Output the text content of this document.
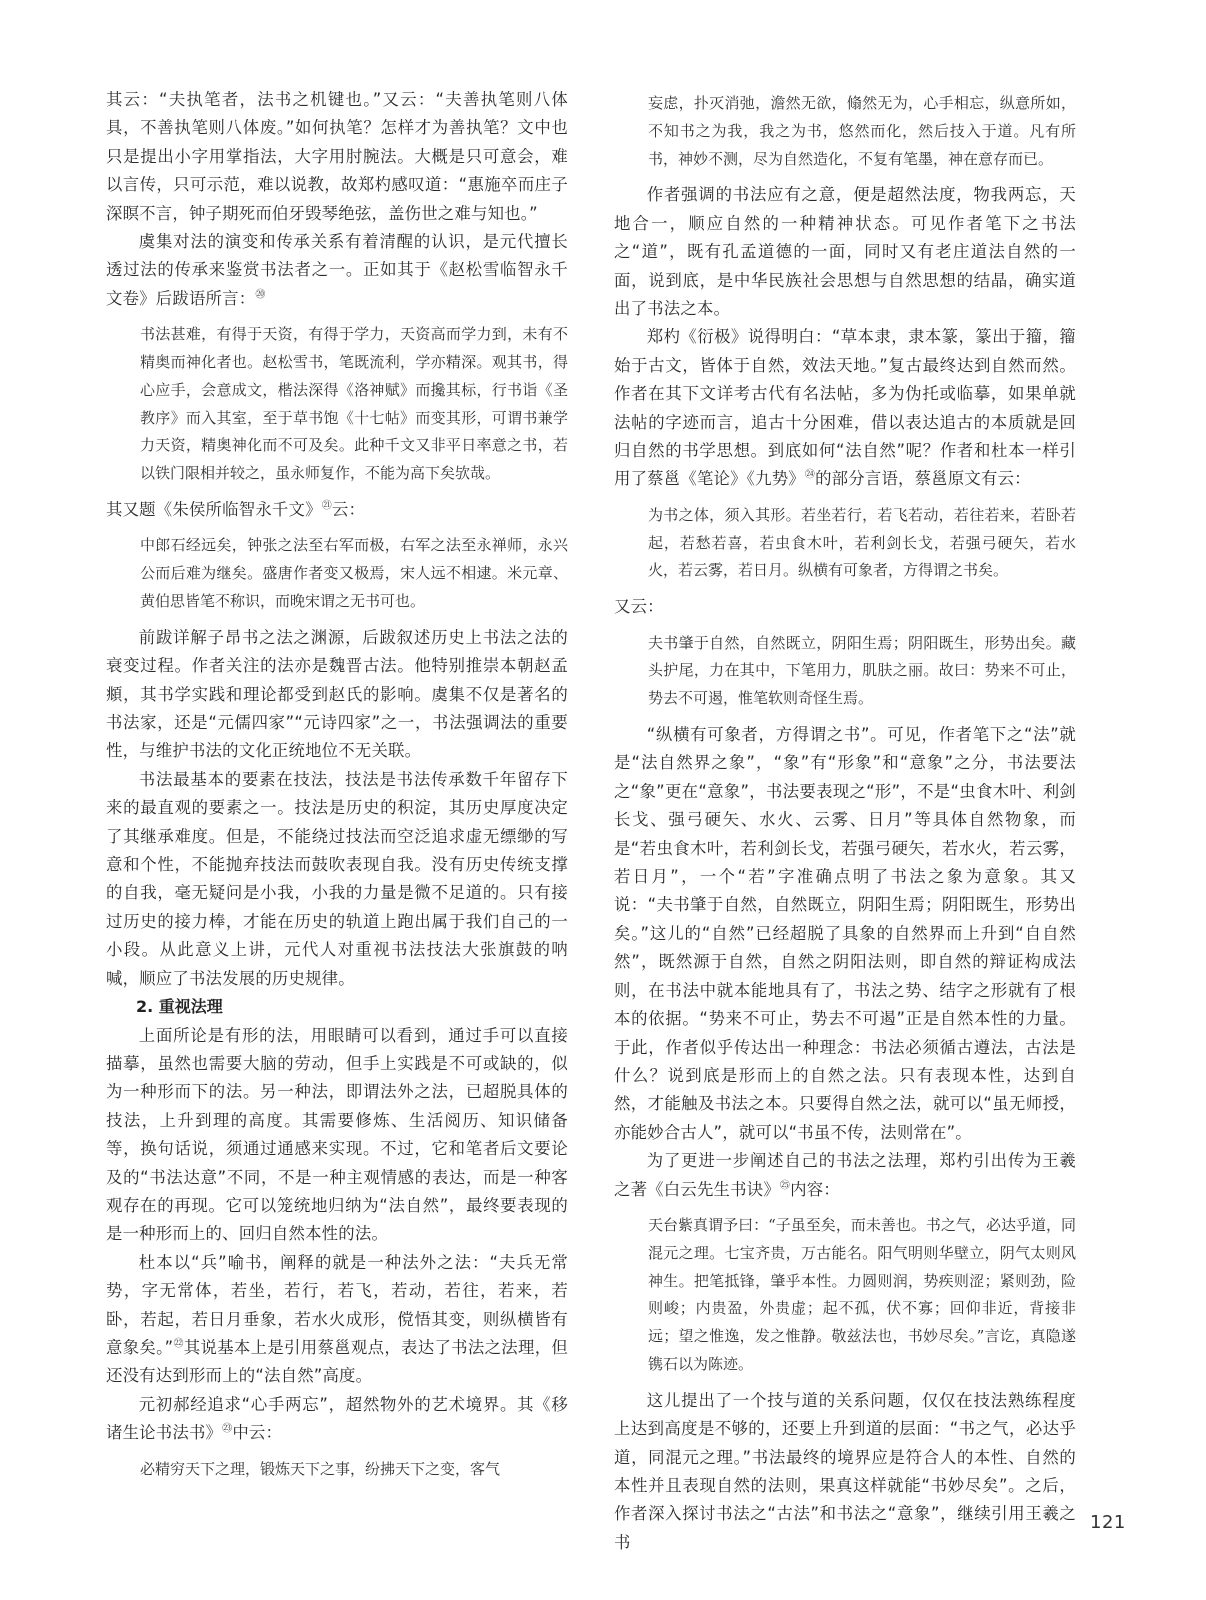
其云：“夫执笔者，法书之机键也。”又云：“夫善执笔则八体具，不善执笔则八体废。”如何执笔？怎样才为善执笔？文中也只是提出小字用掌指法，大字用肘腕法。大概是只可意会，难以言传，只可示范，难以说教，故郑杓感叹道：“惠施卒而庄子深瞑不言，钟子期死而伯牙毁琴绝弦，盖伤世之难与知也。”

虞集对法的演变和传承关系有着清醒的认识，是元代擅长透过法的传承来鉴赏书法者之一。正如其于《赵松雪临智永千文卷》后跋语所言：⑳

书法甚难，有得于天资，有得于学力，天资高而学力到，未有不精奥而神化者也。赵松雪书，笔既流利，学亦精深。观其书，得心应手，会意成文，楷法深得《洛神赋》而攙其标，行书诣《圣教序》而入其室，至于草书饱《十七帖》而变其形，可谓书兼学力天资，精奥神化而不可及矣。此种千文又非平日率意之书，若以铁门限相并较之，虽永师复作，不能为高下矣欤哉。

其又题《朱侯所临智永千文》$^㉑$云：

中郎石经远矣，钟张之法至右军而极，右军之法至永禅师，永兴公而后难为继矣。盛唐作者变又极焉，宋人远不相逮。米元章、黄伯思皆笔不称识，而晚宋谓之无书可也。

前跋详解子昂书之法之渊源，后跋叙述历史上书法之法的衰变过程。作者关注的法亦是魏晋古法。他特别推崇本朝赵孟頫，其书学实践和理论都受到赵氏的影响。虞集不仅是著名的书法家，还是“元儒四家”“元诗四家”之一，书法强调法的重要性，与维护书法的文化正统地位不无关联。

书法最基本的要素在技法，技法是书法传承数千年留存下来的最直观的要素之一。技法是历史的积淀，其历史厚度决定了其继承难度。但是，不能绕过技法而空泛追求虚无缥缈的写意和个性，不能抛弃技法而鼓吹表现自我。没有历史传统支撑的自我，毫无疑问是小我，小我的力量是微不足道的。只有接过历史的接力棒，才能在历史的轨道上跑出属于我们自己的一小段。从此意义上讲，元代人对重视书法技法大张旗鼓的呐喊，顺应了书法发展的历史规律。

2. 重视法理

上面所论是有形的法，用眼睛可以看到，通过手可以直接描摹，虽然也需要大脑的劳动，但手上实践是不可或缺的，似为一种形而下的法。另一种法，即谓法外之法，已超脱具体的技法，上升到理的高度。其需要修炼、生活阅历、知识储备等，换句话说，须通过通感来实现。不过，它和笔者后文要论及的“书法达意”不同，不是一种主观情感的表达，而是一种客观存在的再现。它可以笼统地归纳为“法自然”，最终要表现的是一种形而上的、回归自然本性的法。

杜本以“兵”喻书，阐释的就是一种法外之法：“夫兵无常势，字无常体，若坐，若行，若飞，若动，若往，若来，若卧，若起，若日月垂象，若水火成形，傥悟其变，则纵横皆有意象矣。”$^㉒$其说基本上是引用蔡邕观点，表达了书法之法理，但还没有达到形而上的“法自然”高度。

元初郝经追求“心手两忘”，超然物外的艺术境界。其《移诸生论书法书》$^㉓$中云：

必精穷天下之理，锻炼天下之事，纷拂天下之变，客气

妄虑，扑灭消弛，澹然无欲，翛然无为，心手相忘，纵意所如，不知书之为我，我之为书，悠然而化，然后技入于道。凡有所书，神妙不测，尽为自然造化，不复有笔墨，神在意存而已。

作者强调的书法应有之意，便是超然法度，物我两忘，天地合一，顺应自然的一种精神状态。可见作者笔下之书法之“道”，既有孔孟道德的一面，同时又有老庄道法自然的一面，说到底，是中华民族社会思想与自然思想的结晶，确实道出了书法之本。

郑杓《衍极》说得明白：“草本隶，隶本篆，篆出于籀，籀始于古文，皆体于自然，效法天地。”复古最终达到自然而然。作者在其下文详考古代有名法帖，多为伪托或临摹，如果单就法帖的字迹而言，追古十分困难，借以表达追古的本质就是回归自然的书学思想。到底如何“法自然”呢？作者和杜本一样引用了蔡邕《笔论》《九势》$^㉔$的部分言语，蔡邕原文有云：

为书之体，须入其形。若坐若行，若飞若动，若往若来，若卧若起，若愁若喜，若虫食木叶，若利剑长戈，若强弓硬矢，若水火，若云雾，若日月。纵横有可象者，方得谓之书矣。

又云：

夫书肇于自然，自然既立，阴阳生焉；阴阳既生，形势出矣。藏头护尾，力在其中，下笔用力，肌肤之丽。故曰：势来不可止，势去不可遏，惟笔软则奇怪生焉。

“纵横有可象者，方得谓之书”。可见，作者笔下之“法”就是“法自然界之象”，“象”有“形象”和“意象”之分，书法要法之“象”更在“意象”，书法要表现之“形”，不是“虫食木叶、利剑长戈、强弓硬矢、水火、云雾、日月”等具体自然物象，而是“若虫食木叶，若利剑长戈，若强弓硬矢，若水火，若云雾，若日月”，一个“若”字准确点明了书法之象为意象。其又说：“夫书肇于自然，自然既立，阴阳生焉；阴阳既生，形势出矣。”这儿的“自然”已经超脱了具象的自然界而上升到“自自然然”，既然源于自然，自然之阴阳法则，即自然的辩证构成法则，在书法中就本能地具有了，书法之势、结字之形就有了根本的依据。“势来不可止，势去不可遏”正是自然本性的力量。于此，作者似乎传达出一种理念：书法必须循古遵法，古法是什么？说到底是形而上的自然之法。只有表现本性，达到自然，才能触及书法之本。只要得自然之法，就可以“虽无师授，亦能妙合古人”，就可以“书虽不传，法则常在”。

为了更进一步阐述自己的书法之法理，郑杓引出传为王羲之著《白云先生书诀》$^㉕$内容：

天台紫真谓予曰：“子虽至矣，而未善也。书之气，必达乎道，同混元之理。七宝齐贵，万古能名。阳气明则华壁立，阴气太则风神生。把笔抵锋，肇乎本性。力圆则润，势疾则涩；紧则劲，险则峻；内贵盈，外贵虚；起不孤，伏不寡；回仰非近，背接非远；望之惟逸，发之惟静。敬兹法也，书妙尽矣。”言讫，真隐遂镌石以为陈迹。

这儿提出了一个技与道的关系问题，仅仅在技法熟练程度上达到高度是不够的，还要上升到道的层面：“书之气，必达乎道，同混元之理。”书法最终的境界应是符合人的本性、自然的本性并且表现自然的法则，果真这样就能“书妙尽矣”。之后，作者深入探讨书法之“古法”和书法之“意象”，继续引用王羲之书

121
